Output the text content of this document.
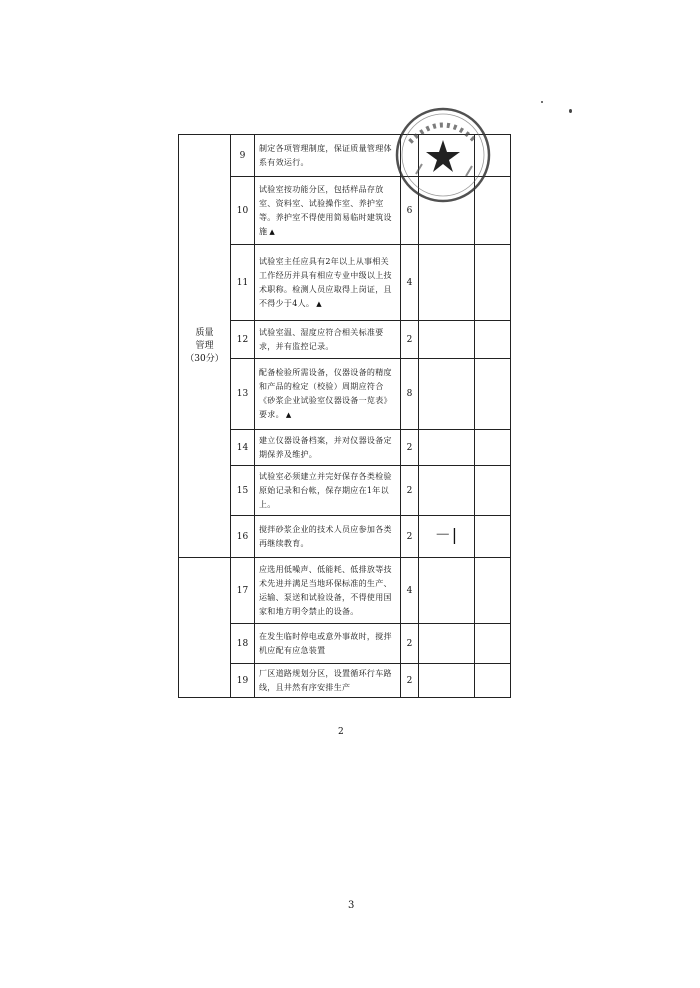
质量
管理
（30分）	9	制定各项管理制度，保证质量管理体系有效运行。			
	10	试验室按功能分区，包括样品存放室、资料室、试验操作室、养护室等。养护室不得使用简易临时建筑设施 ▲	6		
	11	试验室主任应具有2年以上从事相关工作经历并具有相应专业中级以上技术职称。检测人员应取得上岗证，且不得少于4人。 ▲	4		
	12	试验室温、湿度应符合相关标准要求，并有监控记录。	2		
	13	配备检验所需设备，仪器设备的精度和产品的检定（校验）周期应符合《砂浆企业试验室仪器设备一览表》要求。 ▲	8		
	14	建立仪器设备档案，并对仪器设备定期保养及维护。	2		
	15	试验室必须建立并完好保存各类检验原始记录和台帐，保存期应在1年以上。	2		
	16	搅拌砂浆企业的技术人员应参加各类再继续教育。	2	－|	
	17	应选用低噪声、低能耗、低排放等技术先进并满足当地环保标准的生产、运输、泵送和试验设备，不得使用国家和地方明令禁止的设备。	4		
	18	在发生临时停电或意外事故时，搅拌机应配有应急装置	2		
	19	厂区道路规划分区，设置循环行车路线，且井然有序安排生产	2		
2
3
